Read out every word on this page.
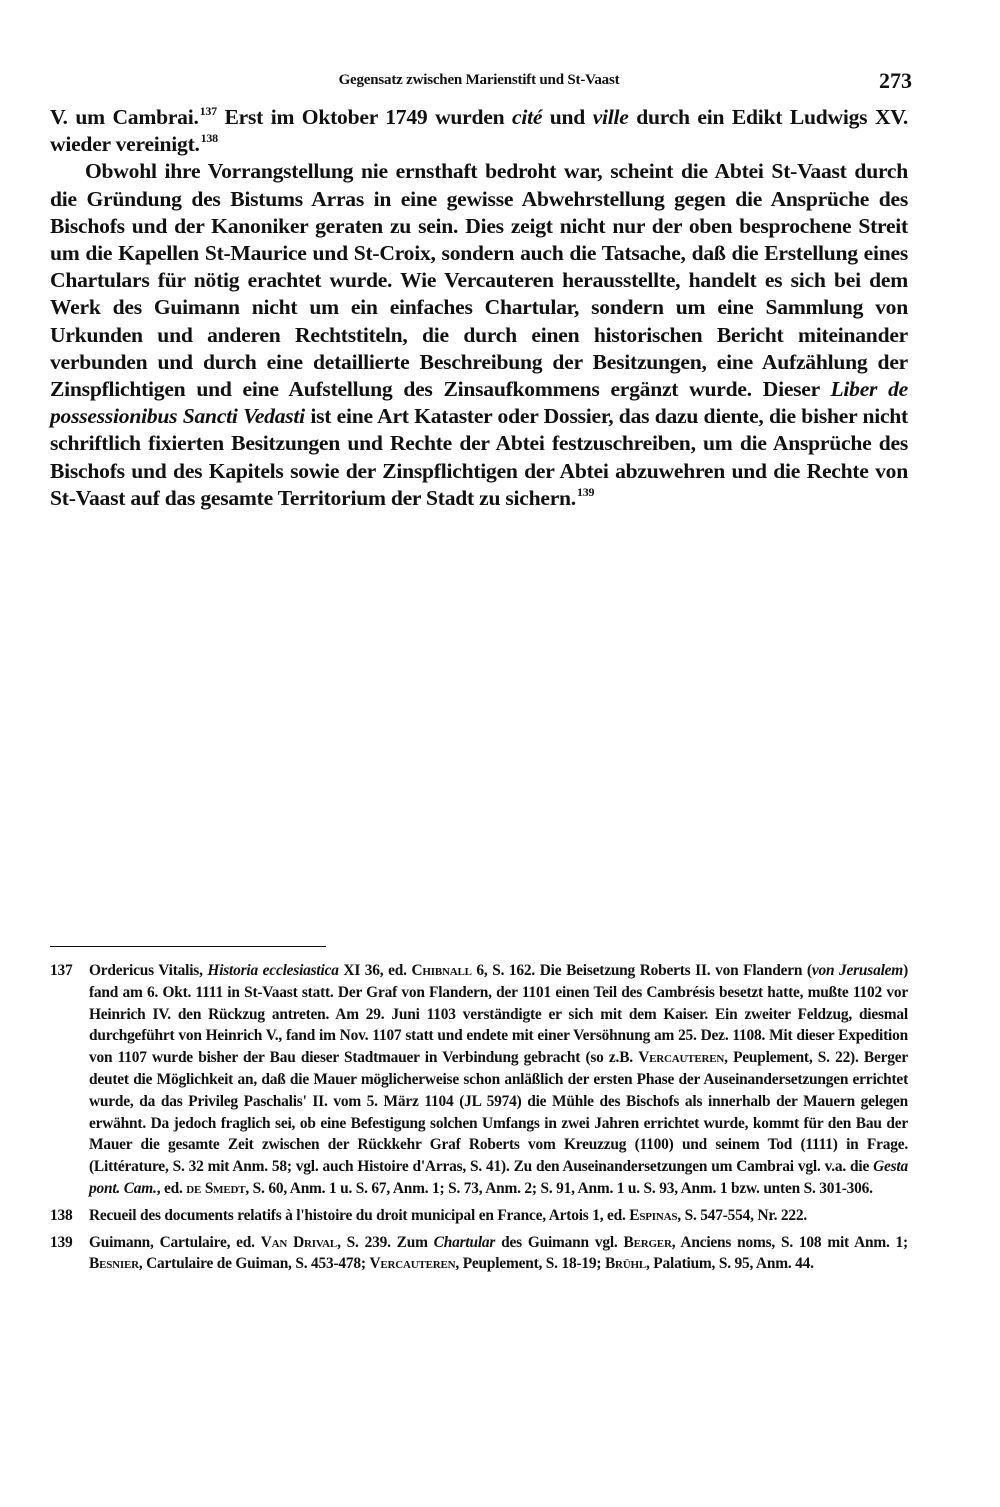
Gegensatz zwischen Marienstift und St-Vaast	273

V. um Cambrai.$^{137}$ Erst im Oktober 1749 wurden cité und ville durch ein Edikt Ludwigs XV. wieder vereinigt.$^{138}$

Obwohl ihre Vorrangstellung nie ernsthaft bedroht war, scheint die Abtei St-Vaast durch die Gründung des Bistums Arras in eine gewisse Abwehrstellung gegen die Ansprüche des Bischofs und der Kanoniker geraten zu sein. Dies zeigt nicht nur der oben besprochene Streit um die Kapellen St-Maurice und St-Croix, sondern auch die Tatsache, daß die Erstellung eines Chartulars für nötig erachtet wurde. Wie Vercauteren herausstellte, handelt es sich bei dem Werk des Guimann nicht um ein einfaches Chartular, sondern um eine Sammlung von Urkunden und anderen Rechtstiteln, die durch einen historischen Bericht miteinander verbunden und durch eine detaillierte Beschreibung der Besitzungen, eine Aufzählung der Zinspflichtigen und eine Aufstellung des Zinsaufkommens ergänzt wurde. Dieser Liber de possessionibus Sancti Vedasti ist eine Art Kataster oder Dossier, das dazu diente, die bisher nicht schriftlich fixierten Besitzungen und Rechte der Abtei festzuschreiben, um die Ansprüche des Bischofs und des Kapitels sowie der Zinspflichtigen der Abtei abzuwehren und die Rechte von St-Vaast auf das gesamte Territorium der Stadt zu sichern.$^{139}$

137	Ordericus Vitalis, Historia ecclesiastica XI 36, ed. Chibnall 6, S. 162. Die Beisetzung Roberts II. von Flandern (von Jerusalem) fand am 6. Okt. 1111 in St-Vaast statt. Der Graf von Flandern, der 1101 einen Teil des Cambrésis besetzt hatte, mußte 1102 vor Heinrich IV. den Rückzug antreten. Am 29. Juni 1103 verständigte er sich mit dem Kaiser. Ein zweiter Feldzug, diesmal durchgeführt von Heinrich V., fand im Nov. 1107 statt und endete mit einer Versöhnung am 25. Dez. 1108. Mit dieser Expedition von 1107 wurde bisher der Bau dieser Stadtmauer in Verbindung gebracht (so z.B. Vercauteren, Peuplement, S. 22). Berger deutet die Möglichkeit an, daß die Mauer möglicherweise schon anläßlich der ersten Phase der Auseinandersetzungen errichtet wurde, da das Privileg Paschalis' II. vom 5. März 1104 (JL 5974) die Mühle des Bischofs als innerhalb der Mauern gelegen erwähnt. Da jedoch fraglich sei, ob eine Befestigung solchen Umfangs in zwei Jahren errichtet wurde, kommt für den Bau der Mauer die gesamte Zeit zwischen der Rückkehr Graf Roberts vom Kreuzzug (1100) und seinem Tod (1111) in Frage. (Littérature, S. 32 mit Anm. 58; vgl. auch Histoire d'Arras, S. 41). Zu den Auseinandersetzungen um Cambrai vgl. v.a. die Gesta pont. Cam., ed. de Smedt, S. 60, Anm. 1 u. S. 67, Anm. 1; S. 73, Anm. 2; S. 91, Anm. 1 u. S. 93, Anm. 1 bzw. unten S. 301-306.
138	Recueil des documents relatifs à l'histoire du droit municipal en France, Artois 1, ed. Espinas, S. 547-554, Nr. 222.
139	Guimann, Cartulaire, ed. Van Drival, S. 239. Zum Chartular des Guimann vgl. Berger, Anciens noms, S. 108 mit Anm. 1; Besnier, Cartulaire de Guiman, S. 453-478; Vercauteren, Peuplement, S. 18-19; Brühl, Palatium, S. 95, Anm. 44.
